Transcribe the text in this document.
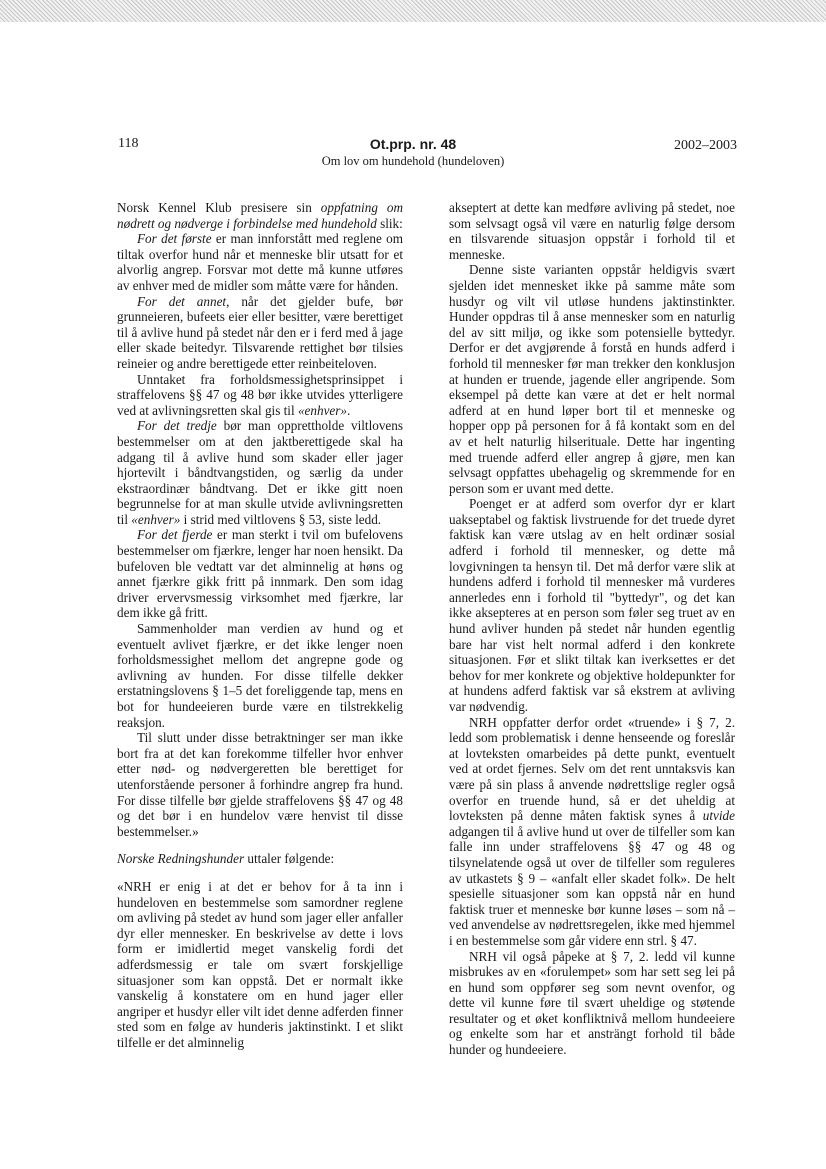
118	Ot.prp. nr. 48
Om lov om hundehold (hundeloven)
2002–2003

Norsk Kennel Klub presisere sin oppfatning om nødrett og nødverge i forbindelse med hundehold slik:

For det første er man innforstått med reglene om tiltak overfor hund når et menneske blir utsatt for et alvorlig angrep. Forsvar mot dette må kunne utføres av enhver med de midler som måtte være for hånden.

For det annet, når det gjelder bufe, bør grunneieren, bufeets eier eller besitter, være berettiget til å avlive hund på stedet når den er i ferd med å jage eller skade beitedyr. Tilsvarende rettighet bør tilsies reineier og andre berettigede etter reinbeiteloven.

Unntaket fra forholdsmessighetsprinsippet i straffelovens §§ 47 og 48 bør ikke utvides ytterligere ved at avlivningsretten skal gis til «enhver».

For det tredje bør man opprettholde viltlovens bestemmelser om at den jaktberettigede skal ha adgang til å avlive hund som skader eller jager hjortevilt i båndtvangstiden, og særlig da under ekstraordinær båndtvang. Det er ikke gitt noen begrunnelse for at man skulle utvide avlivningsretten til «enhver» i strid med viltlovens § 53, siste ledd.

For det fjerde er man sterkt i tvil om bufelovens bestemmelser om fjærkre, lenger har noen hensikt. Da bufeloven ble vedtatt var det alminnelig at høns og annet fjærkre gikk fritt på innmark. Den som idag driver ervervsmessig virksomhet med fjærkre, lar dem ikke gå fritt.

Sammenholder man verdien av hund og et eventuelt avlivet fjærkre, er det ikke lenger noen forholdsmessighet mellom det angrepne gode og avlivning av hunden. For disse tilfelle dekker erstatningslovens § 1–5 det foreliggende tap, mens en bot for hundeeieren burde være en tilstrekkelig reaksjon.

Til slutt under disse betraktninger ser man ikke bort fra at det kan forekomme tilfeller hvor enhver etter nød- og nødvergeretten ble berettiget for utenforstående personer å forhindre angrep fra hund. For disse tilfelle bør gjelde straffelovens §§ 47 og 48 og det bør i en hundelov være henvist til disse bestemmelser.»

Norske Redningshunder uttaler følgende:

«NRH er enig i at det er behov for å ta inn i hundeloven en bestemmelse som samordner reglene om avliving på stedet av hund som jager eller anfaller dyr eller mennesker. En beskrivelse av dette i lovs form er imidlertid meget vanskelig fordi det adferdsmessig er tale om svært forskjellige situasjoner som kan oppstå. Det er normalt ikke vanskelig å konstatere om en hund jager eller angriper et husdyr eller vilt idet denne adferden finner sted som en følge av hunderis jaktinstinkt. I et slikt tilfelle er det alminnelig

akseptert at dette kan medføre avliving på stedet, noe som selvsagt også vil være en naturlig følge dersom en tilsvarende situasjon oppstår i forhold til et menneske.

Denne siste varianten oppstår heldigvis svært sjelden idet mennesket ikke på samme måte som husdyr og vilt vil utløse hundens jaktinstinkter. Hunder oppdras til å anse mennesker som en naturlig del av sitt miljø, og ikke som potensielle byttedyr. Derfor er det avgjørende å forstå en hunds adferd i forhold til mennesker før man trekker den konklusjon at hunden er truende, jagende eller angripende. Som eksempel på dette kan være at det er helt normal adferd at en hund løper bort til et menneske og hopper opp på personen for å få kontakt som en del av et helt naturlig hilserituale. Dette har ingenting med truende adferd eller angrep å gjøre, men kan selvsagt oppfattes ubehagelig og skremmende for en person som er uvant med dette.

Poenget er at adferd som overfor dyr er klart uakseptabel og faktisk livstruende for det truede dyret faktisk kan være utslag av en helt ordinær sosial adferd i forhold til mennesker, og dette må lovgivningen ta hensyn til. Det må derfor være slik at hundens adferd i forhold til mennesker må vurderes annerledes enn i forhold til "byttedyr", og det kan ikke aksepteres at en person som føler seg truet av en hund avliver hunden på stedet når hunden egentlig bare har vist helt normal adferd i den konkrete situasjonen. Før et slikt tiltak kan iverksettes er det behov for mer konkrete og objektive holdepunkter for at hundens adferd faktisk var så ekstrem at avliving var nødvendig.

NRH oppfatter derfor ordet «truende» i § 7, 2. ledd som problematisk i denne henseende og foreslår at lovteksten omarbeides på dette punkt, eventuelt ved at ordet fjernes. Selv om det rent unntaksvis kan være på sin plass å anvende nødrettslige regler også overfor en truende hund, så er det uheldig at lovteksten på denne måten faktisk synes å utvide adgangen til å avlive hund ut over de tilfeller som kan falle inn under straffelovens §§ 47 og 48 og tilsynelatende også ut over de tilfeller som reguleres av utkastets § 9 – «anfalt eller skadet folk». De helt spesielle situasjoner som kan oppstå når en hund faktisk truer et menneske bør kunne løses – som nå – ved anvendelse av nødrettsregelen, ikke med hjemmel i en bestemmelse som går videre enn strl. § 47.

NRH vil også påpeke at § 7, 2. ledd vil kunne misbrukes av en «forulempet» som har sett seg lei på en hund som oppfører seg som nevnt ovenfor, og dette vil kunne føre til svært uheldige og støtende resultater og et øket konfliktnivå mellom hundeeiere og enkelte som har et ansträngt forhold til både hunder og hundeeiere.
